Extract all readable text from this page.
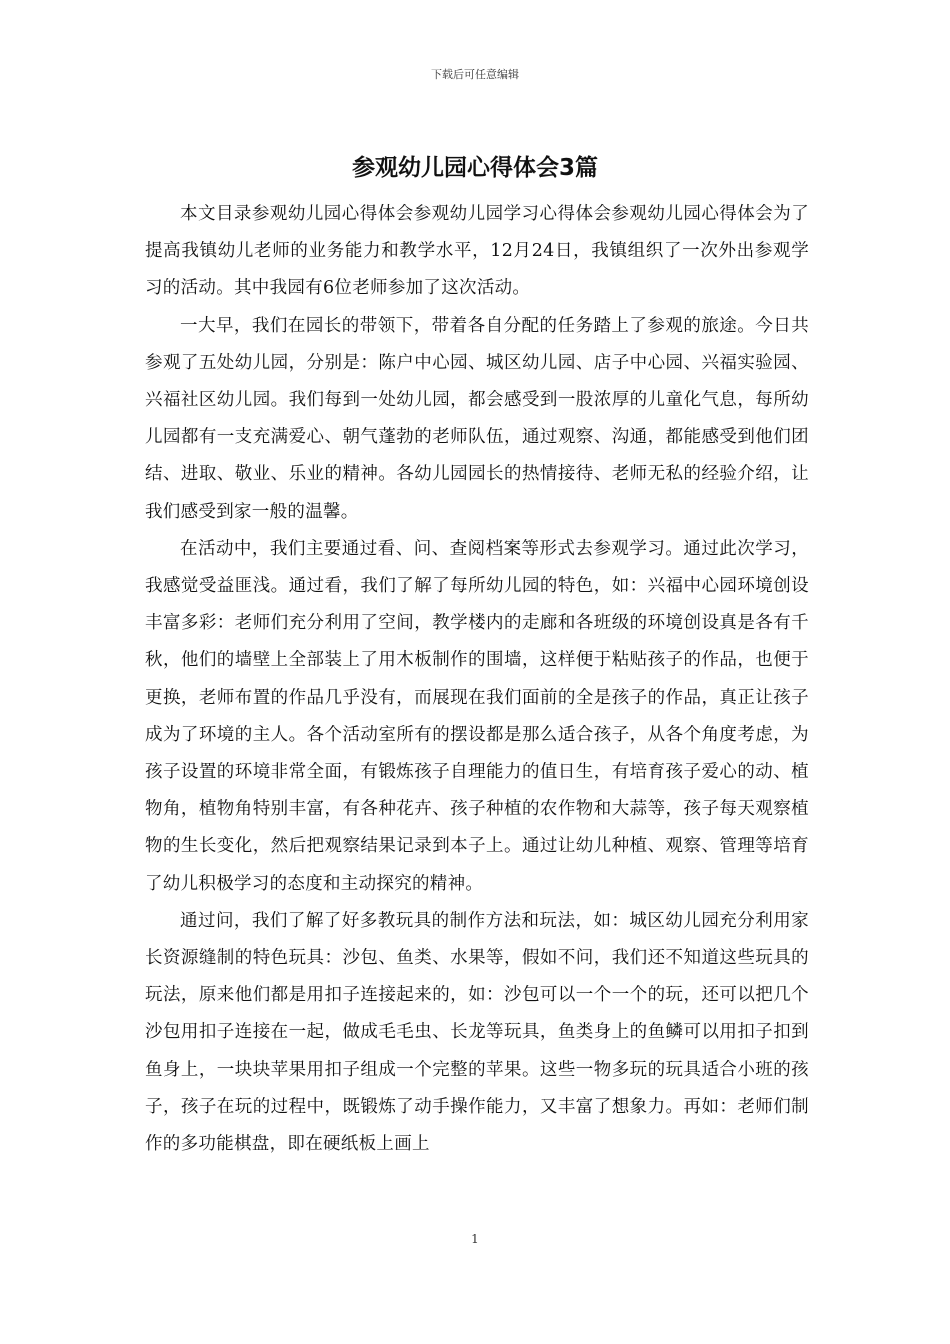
下载后可任意编辑
参观幼儿园心得体会3篇

本文目录参观幼儿园心得体会参观幼儿园学习心得体会参观幼儿园心得体会为了提高我镇幼儿老师的业务能力和教学水平，12月24日，我镇组织了一次外出参观学习的活动。其中我园有6位老师参加了这次活动。

一大早，我们在园长的带领下，带着各自分配的任务踏上了参观的旅途。今日共参观了五处幼儿园，分别是：陈户中心园、城区幼儿园、店子中心园、兴福实验园、兴福社区幼儿园。我们每到一处幼儿园，都会感受到一股浓厚的儿童化气息，每所幼儿园都有一支充满爱心、朝气蓬勃的老师队伍，通过观察、沟通，都能感受到他们团结、进取、敬业、乐业的精神。各幼儿园园长的热情接待、老师无私的经验介绍，让我们感受到家一般的温馨。

在活动中，我们主要通过看、问、查阅档案等形式去参观学习。通过此次学习，我感觉受益匪浅。通过看，我们了解了每所幼儿园的特色，如：兴福中心园环境创设丰富多彩：老师们充分利用了空间，教学楼内的走廊和各班级的环境创设真是各有千秋，他们的墙壁上全部装上了用木板制作的围墙，这样便于粘贴孩子的作品，也便于更换，老师布置的作品几乎没有，而展现在我们面前的全是孩子的作品，真正让孩子成为了环境的主人。各个活动室所有的摆设都是那么适合孩子，从各个角度考虑，为孩子设置的环境非常全面，有锻炼孩子自理能力的值日生，有培育孩子爱心的动、植物角，植物角特别丰富，有各种花卉、孩子种植的农作物和大蒜等，孩子每天观察植物的生长变化，然后把观察结果记录到本子上。通过让幼儿种植、观察、管理等培育了幼儿积极学习的态度和主动探究的精神。

通过问，我们了解了好多教玩具的制作方法和玩法，如：城区幼儿园充分利用家长资源缝制的特色玩具：沙包、鱼类、水果等，假如不问，我们还不知道这些玩具的玩法，原来他们都是用扣子连接起来的，如：沙包可以一个一个的玩，还可以把几个沙包用扣子连接在一起，做成毛毛虫、长龙等玩具，鱼类身上的鱼鳞可以用扣子扣到鱼身上，一块块苹果用扣子组成一个完整的苹果。这些一物多玩的玩具适合小班的孩子，孩子在玩的过程中，既锻炼了动手操作能力，又丰富了想象力。再如：老师们制作的多功能棋盘，即在硬纸板上画上

1
